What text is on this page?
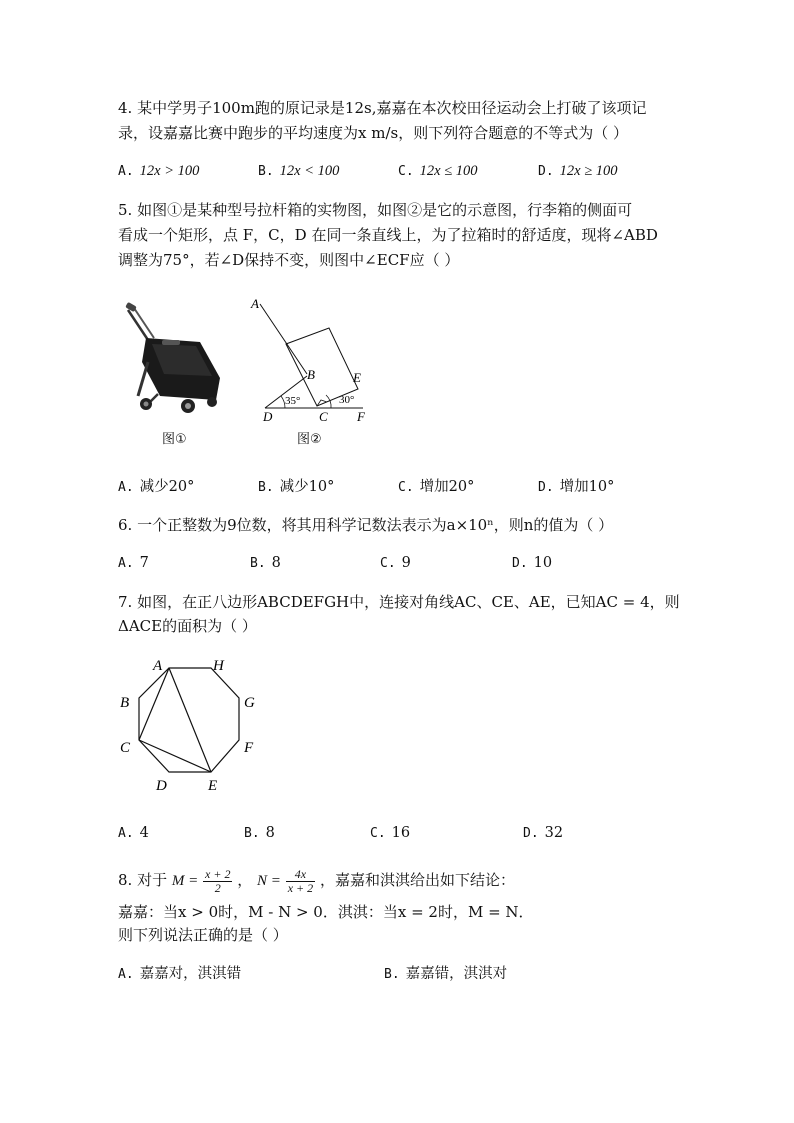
4. 某中学男子100m跑的原记录是12s,嘉嘉在本次校田径运动会上打破了该项记
录，设嘉嘉比赛中跑步的平均速度为x m/s，则下列符合题意的不等式为（ ）
A. 12x > 100	B. 12x < 100	C. 12x ≤ 100	D. 12x ≥ 100
5. 如图①是某种型号拉杆箱的实物图，如图②是它的示意图，行李箱的侧面可
看成一个矩形，点 F，C，D 在同一条直线上，为了拉箱时的舒适度，现将∠ABD
调整为75°，若∠D保持不变，则图中∠ECF应（ ）
图①
A
B
C
D
E
F
35°	30°
图②
A. 减少20°	B. 减少10°	C. 增加20°	D. 增加10°
6. 一个正整数为9位数，将其用科学记数法表示为a×10ⁿ，则n的值为（ ）
A. 7	B. 8	C. 9	D. 10
7. 如图，在正八边形ABCDEFGH中，连接对角线AC、CE、AE，已知AC = 4，则
ΔACE的面积为（ ）
A	H
B	G
C	F
D	E
A. 4	B. 8	C. 16	D. 32
8. 对于 $M = \frac{x + 2}{2}$ ， $N = \frac{4x}{x + 2}$ ，嘉嘉和淇淇给出如下结论：
嘉嘉：当x > 0时，M - N > 0．淇淇：当x = 2时，M = N．
则下列说法正确的是（ ）
A. 嘉嘉对，淇淇错	B. 嘉嘉错，淇淇对
